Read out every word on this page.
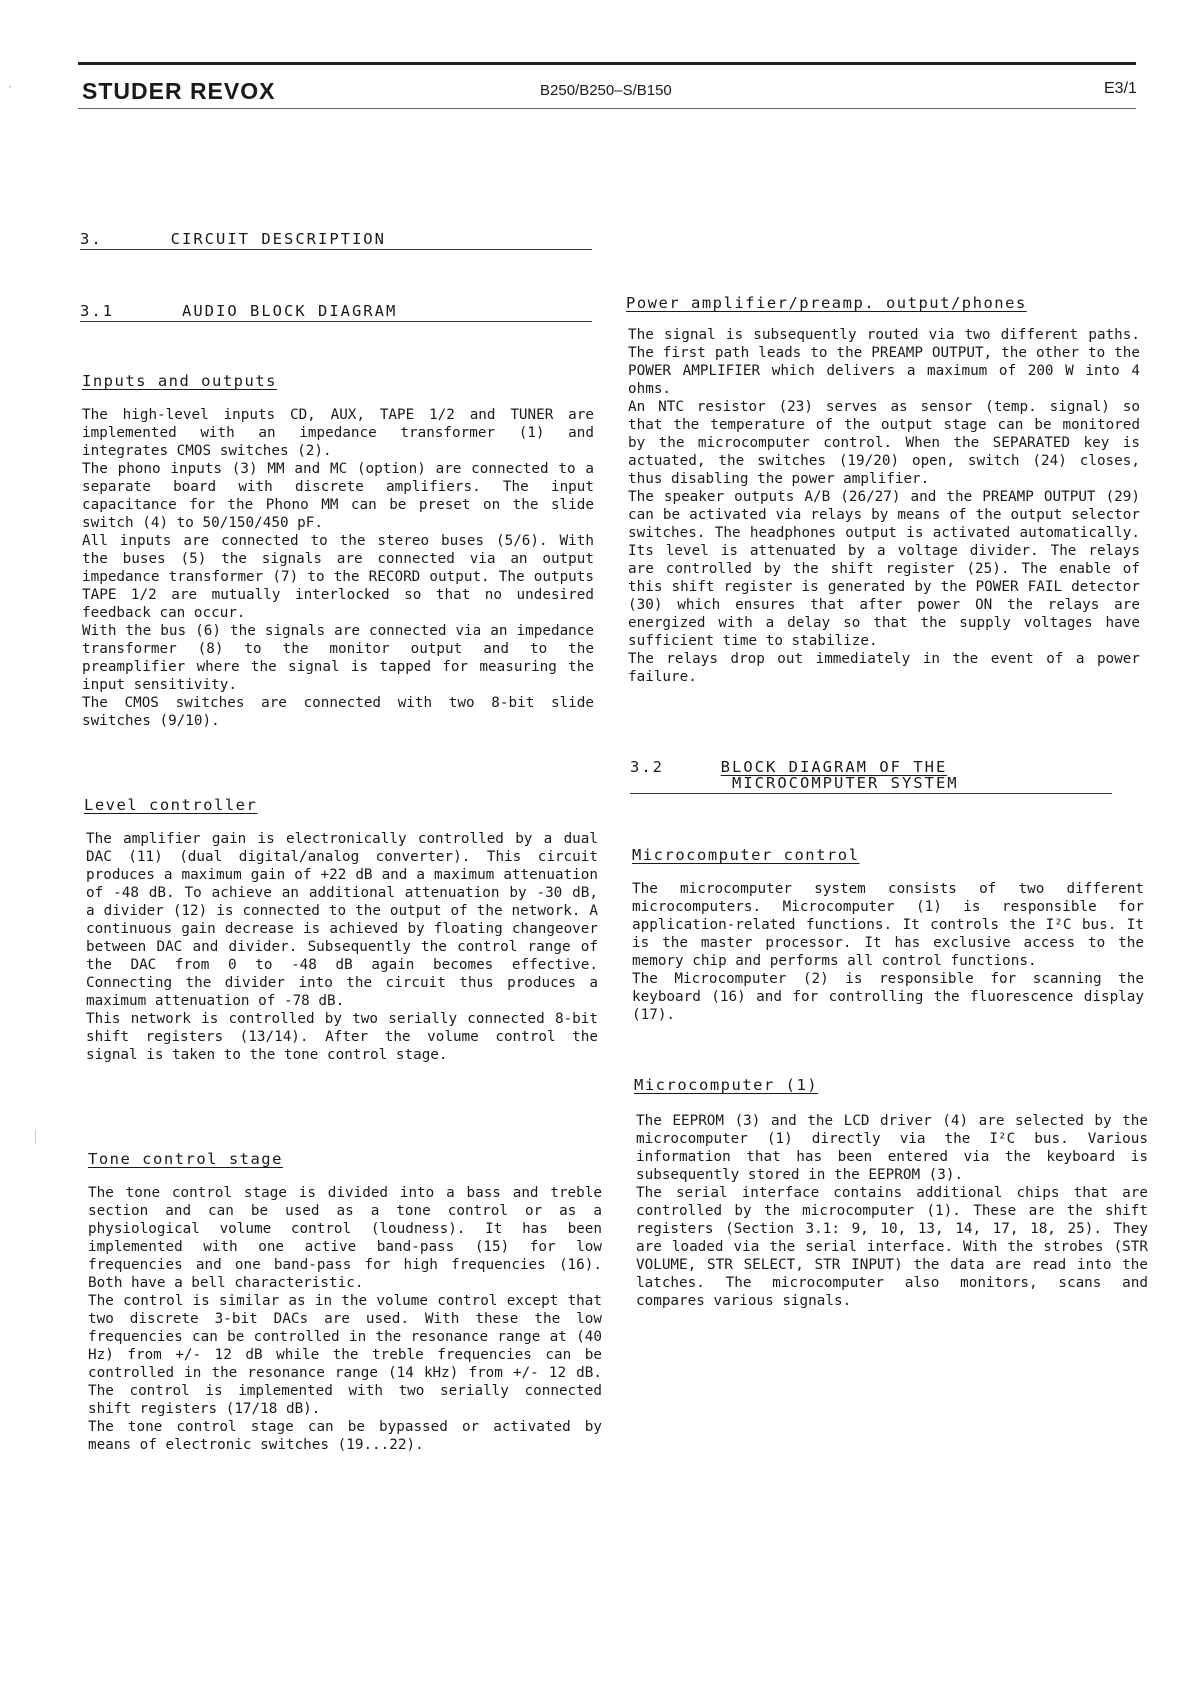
STUDER REVOX	B250/B250–S/B150	E3/1
·
3.	CIRCUIT DESCRIPTION
3.1	AUDIO BLOCK DIAGRAM
Inputs and outputs

The high-level inputs CD, AUX, TAPE 1/2 and TUNER are implemented with an impedance transformer (1) and integrates CMOS switches (2).

The phono inputs (3) MM and MC (option) are connected to a separate board with discrete amplifiers. The input capacitance for the Phono MM can be preset on the slide switch (4) to 50/150/450 pF.

All inputs are connected to the stereo buses (5/6). With the buses (5) the signals are connected via an output impedance transformer (7) to the RECORD output. The outputs TAPE 1/2 are mutually interlocked so that no undesired feedback can occur.

With the bus (6) the signals are connected via an impedance transformer (8) to the monitor output and to the preamplifier where the signal is tapped for measuring the input sensitivity.

The CMOS switches are connected with two 8-bit slide switches (9/10).

Level controller

The amplifier gain is electronically controlled by a dual DAC (11) (dual digital/analog converter). This circuit produces a maximum gain of +22 dB and a maximum attenuation of -48 dB. To achieve an additional attenuation by -30 dB, a divider (12) is connected to the output of the network. A continuous gain decrease is achieved by floating changeover between DAC and divider. Subsequently the control range of the DAC from 0 to -48 dB again becomes effective. Connecting the divider into the circuit thus produces a maximum attenuation of -78 dB.

This network is controlled by two serially connected 8-bit shift registers (13/14). After the volume control the signal is taken to the tone control stage.

Tone control stage

The tone control stage is divided into a bass and treble section and can be used as a tone control or as a physiological volume control (loudness). It has been implemented with one active band-pass (15) for low frequencies and one band-pass for high frequencies (16). Both have a bell characteristic.

The control is similar as in the volume control except that two discrete 3-bit DACs are used. With these the low frequencies can be controlled in the resonance range at (40 Hz) from +/- 12 dB while the treble frequencies can be controlled in the resonance range (14 kHz) from +/- 12 dB. The control is implemented with two serially connected shift registers (17/18 dB).

The tone control stage can be bypassed or activated by means of electronic switches (19...22).

Power amplifier/preamp. output/phones

The signal is subsequently routed via two different paths. The first path leads to the PREAMP OUTPUT, the other to the POWER AMPLIFIER which delivers a maximum of 200 W into 4 ohms.

An NTC resistor (23) serves as sensor (temp. signal) so that the temperature of the output stage can be monitored by the microcomputer control. When the SEPARATED key is actuated, the switches (19/20) open, switch (24) closes, thus disabling the power amplifier.

The speaker outputs A/B (26/27) and the PREAMP OUTPUT (29) can be activated via relays by means of the output selector switches. The headphones output is activated automatically. Its level is attenuated by a voltage divider. The relays are controlled by the shift register (25). The enable of this shift register is generated by the POWER FAIL detector (30) which ensures that after power ON the relays are energized with a delay so that the supply voltages have sufficient time to stabilize.

The relays drop out immediately in the event of a power failure.

3.2	BLOCK DIAGRAM OF THE
MICROCOMPUTER SYSTEM
Microcomputer control

The microcomputer system consists of two different microcomputers. Microcomputer (1) is responsible for application-related functions. It controls the I²C bus. It is the master processor. It has exclusive access to the memory chip and performs all control functions.

The Microcomputer (2) is responsible for scanning the keyboard (16) and for controlling the fluorescence display (17).

Microcomputer (1)

The EEPROM (3) and the LCD driver (4) are selected by the microcomputer (1) directly via the I²C bus. Various information that has been entered via the keyboard is subsequently stored in the EEPROM (3).

The serial interface contains additional chips that are controlled by the microcomputer (1). These are the shift registers (Section 3.1: 9, 10, 13, 14, 17, 18, 25). They are loaded via the serial interface. With the strobes (STR VOLUME, STR SELECT, STR INPUT) the data are read into the latches. The microcomputer also monitors, scans and compares various signals.
